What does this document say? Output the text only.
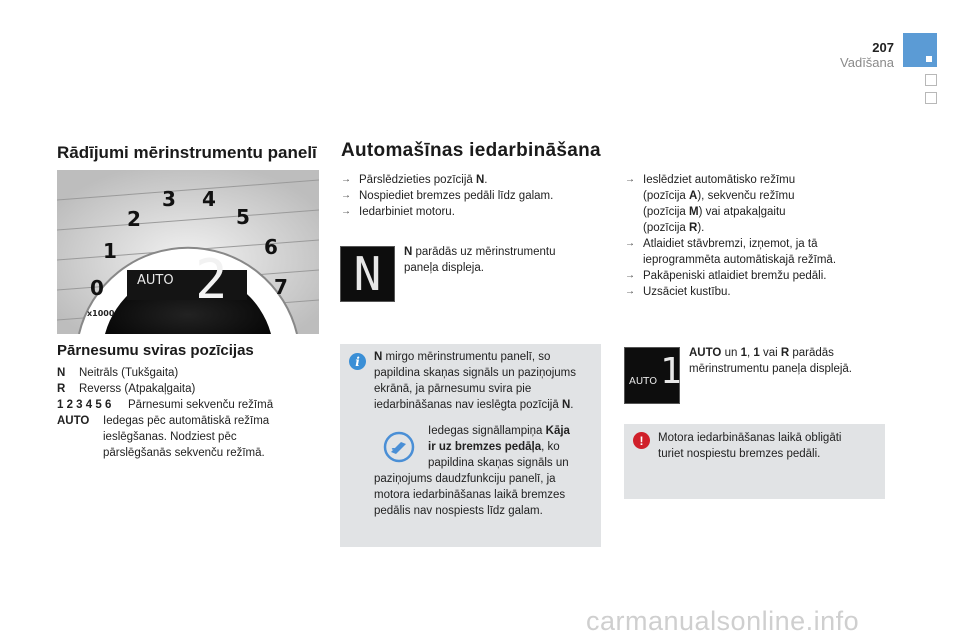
207
Vadīšana
Rādījumi mērinstrumentu panelī
0
1
2
3 4
5
6
7
AUTO 2
x1000
Pārnesumu sviras pozīcijas
N Neitrāls (Tukšgaita)
R Reverss (Atpakaļgaita)
1 2 3 4 5 6 Pārnesumi sekvenču režīmā
AUTO Iedegas pēc automātiskā režīma
ieslēgšanas. Nodziest pēc
pārslēgšanās sekvenču režīmā.
Automašīnas iedarbināšana
→ Pārslēdzieties pozīcijā N.
→ Nospiediet bremzes pedāli līdz galam.
→ Iedarbiniet motoru.
N N parādās uz mērinstrumentu
paneļa displeja.
i	N mirgo mērinstrumentu panelī, so
papildina skaņas signāls un paziņojums
ekrānā, ja pārnesumu svira pie
iedarbināšanas nav ieslēgta pozīcijā N.
Iedegas signāllampiņa Kāja
ir uz bremzes pedāļa, ko
papildina skaņas signāls un
paziņojums daudzfunkciju panelī, ja
motora iedarbināšanas laikā bremzes
pedālis nav nospiests līdz galam.
→ Ieslēdziet automātisko režīmu
(pozīcija A), sekvenču režīmu
(pozīcija M) vai atpakaļgaitu
(pozīcija R).
→ Atlaidiet stāvbremzi, izņemot, ja tā
ieprogrammēta automātiskajā režīmā.
→ Pakāpeniski atlaidiet bremžu pedāli.
→ Uzsāciet kustību.
AUTO 1 AUTO un 1, 1 vai R parādās
mērinstrumentu paneļa displejā.
!	Motora iedarbināšanas laikā obligāti
turiet nospiestu bremzes pedāli.
carmanualsonline.info
